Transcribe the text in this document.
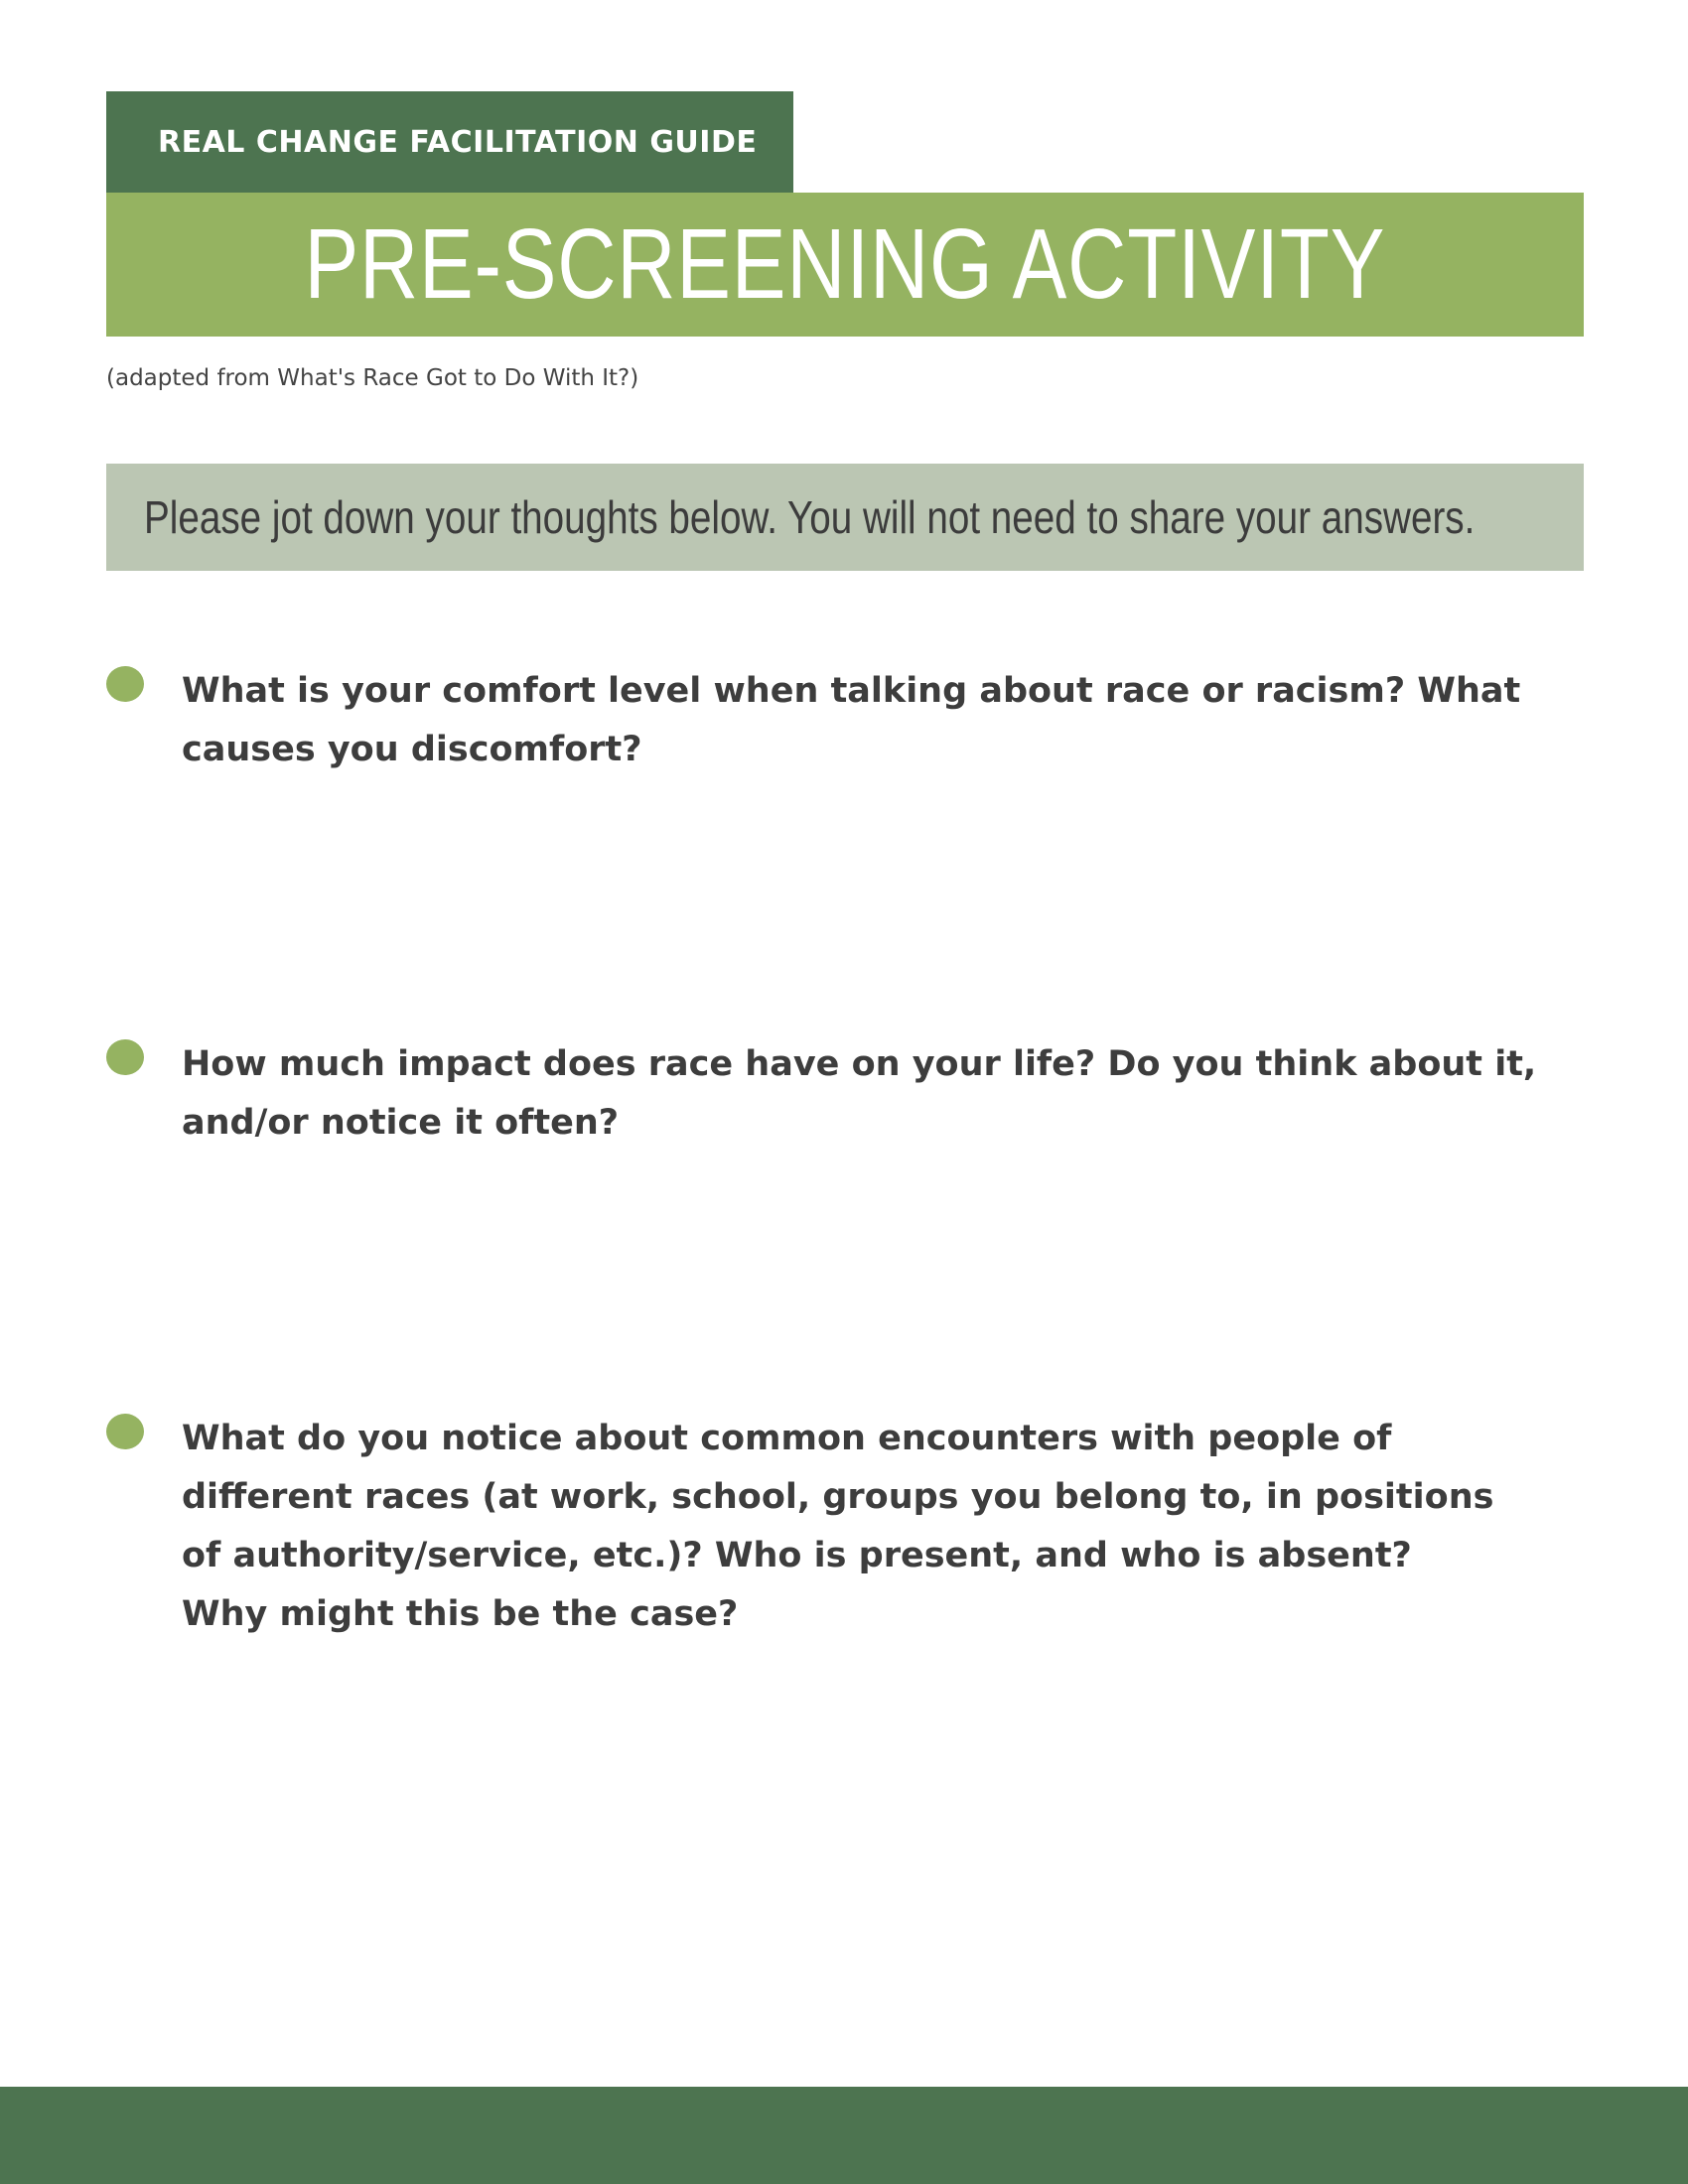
REAL CHANGE FACILITATION GUIDE
PRE-SCREENING ACTIVITY
(adapted from What's Race Got to Do With It?)
Please jot down your thoughts below. You will not need to share your answers.
What is your comfort level when talking about race or racism? What causes you discomfort?
How much impact does race have on your life? Do you think about it, and/or notice it often?
What do you notice about common encounters with people of different races (at work, school, groups you belong to, in positions of authority/service, etc.)? Who is present, and who is absent? Why might this be the case?
